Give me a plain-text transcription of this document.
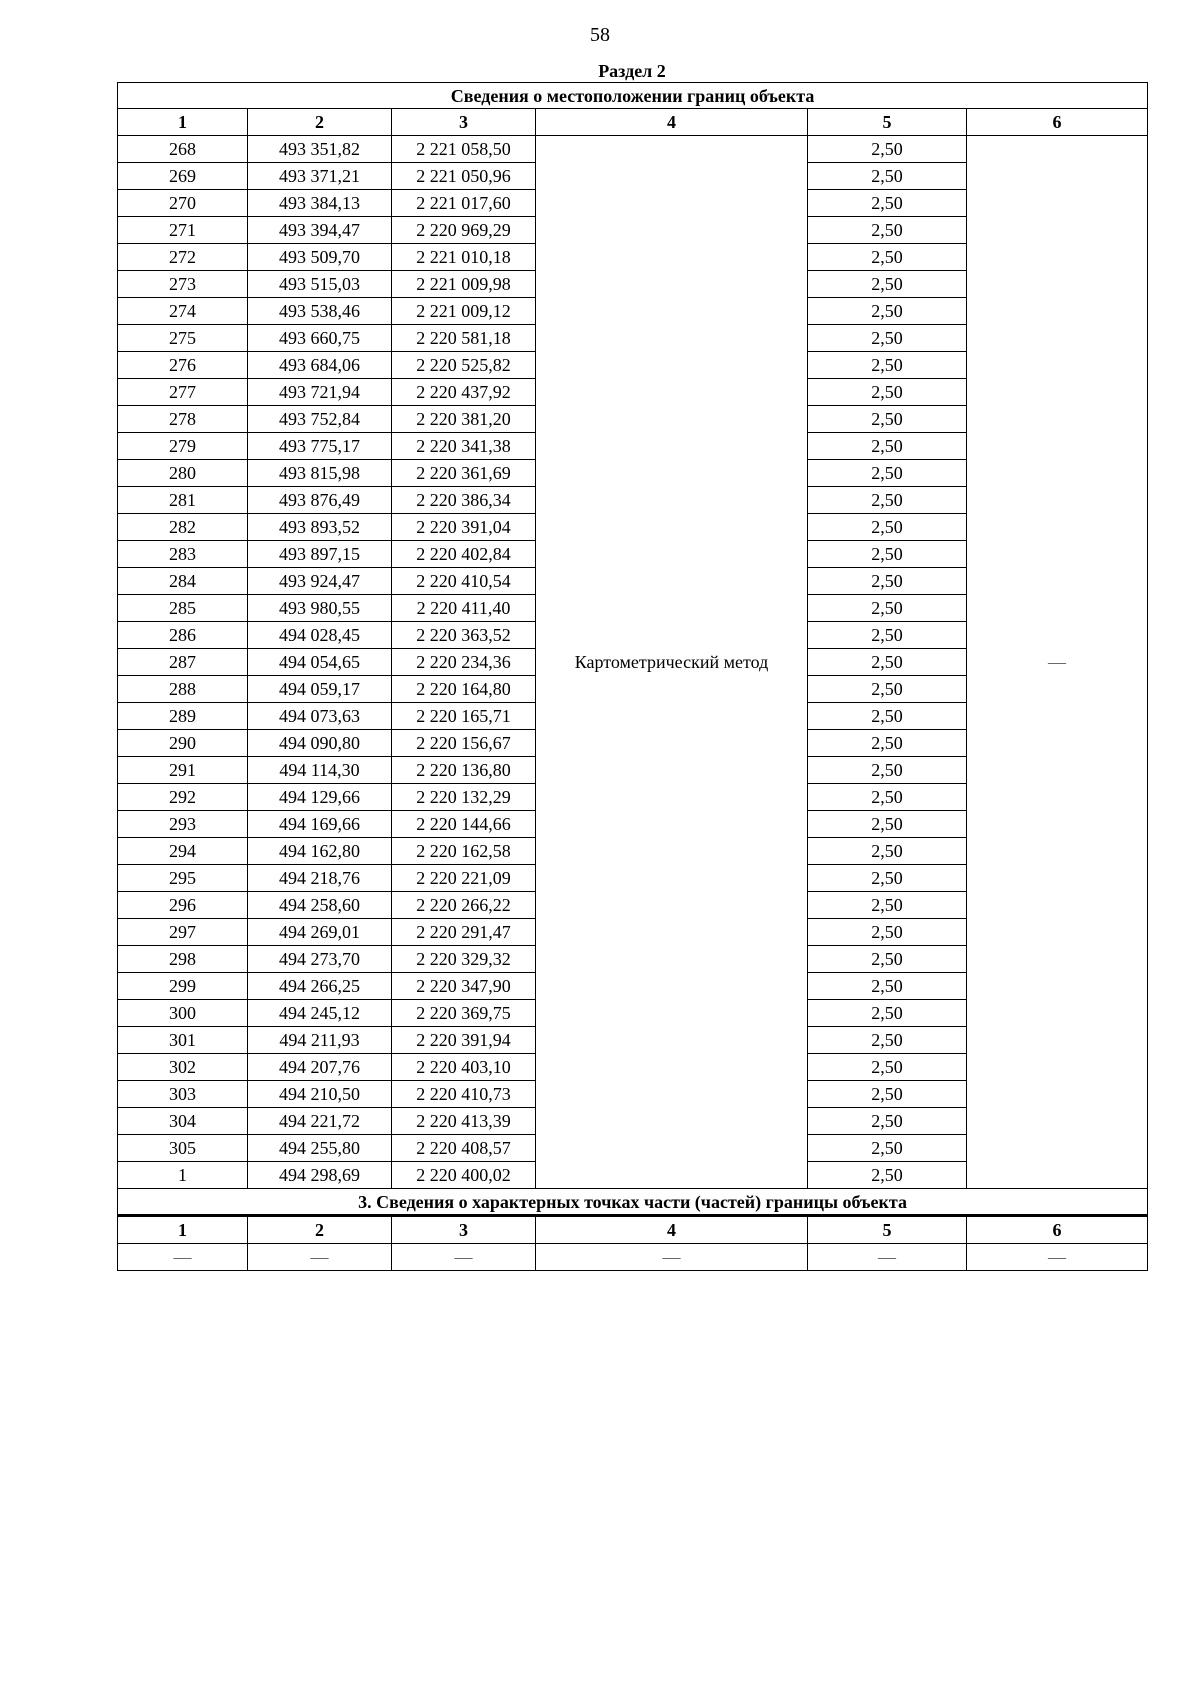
58
Раздел 2
Сведения о местоположении границ объекта					
1	2	3	4	5	6
268	493 351,82	2 221 058,50	Картометрический метод	2,50	—
269	493 371,21	2 221 050,96		2,50	
270	493 384,13	2 221 017,60		2,50	
271	493 394,47	2 220 969,29		2,50	
272	493 509,70	2 221 010,18		2,50	
273	493 515,03	2 221 009,98		2,50	
274	493 538,46	2 221 009,12		2,50	
275	493 660,75	2 220 581,18		2,50	
276	493 684,06	2 220 525,82		2,50	
277	493 721,94	2 220 437,92		2,50	
278	493 752,84	2 220 381,20		2,50	
279	493 775,17	2 220 341,38		2,50	
280	493 815,98	2 220 361,69		2,50	
281	493 876,49	2 220 386,34		2,50	
282	493 893,52	2 220 391,04		2,50	
283	493 897,15	2 220 402,84		2,50	
284	493 924,47	2 220 410,54		2,50	
285	493 980,55	2 220 411,40		2,50	
286	494 028,45	2 220 363,52		2,50	
287	494 054,65	2 220 234,36		2,50	
288	494 059,17	2 220 164,80		2,50	
289	494 073,63	2 220 165,71		2,50	
290	494 090,80	2 220 156,67		2,50	
291	494 114,30	2 220 136,80		2,50	
292	494 129,66	2 220 132,29		2,50	
293	494 169,66	2 220 144,66		2,50	
294	494 162,80	2 220 162,58		2,50	
295	494 218,76	2 220 221,09		2,50	
296	494 258,60	2 220 266,22		2,50	
297	494 269,01	2 220 291,47		2,50	
298	494 273,70	2 220 329,32		2,50	
299	494 266,25	2 220 347,90		2,50	
300	494 245,12	2 220 369,75		2,50	
301	494 211,93	2 220 391,94		2,50	
302	494 207,76	2 220 403,10		2,50	
303	494 210,50	2 220 410,73		2,50	
304	494 221,72	2 220 413,39		2,50	
305	494 255,80	2 220 408,57		2,50	
1	494 298,69	2 220 400,02		2,50	
3. Сведения о характерных точках части (частей) границы объекта					
1	2	3	4	5	6
—	—	—	—	—	—
